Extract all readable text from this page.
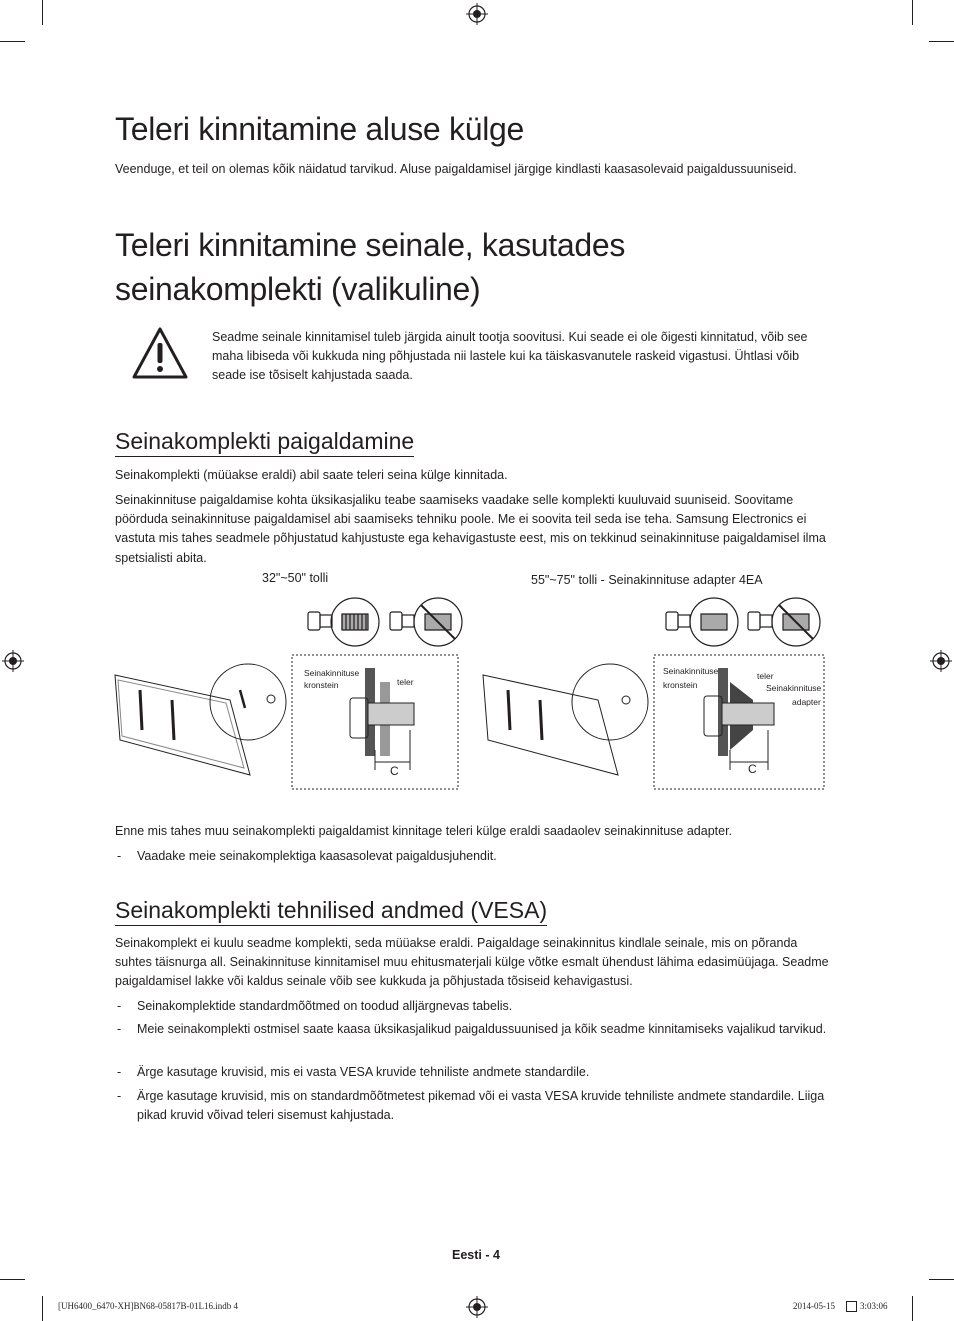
Teleri kinnitamine aluse külge

Veenduge, et teil on olemas kõik näidatud tarvikud. Aluse paigaldamisel järgige kindlasti kaasasolevaid paigaldussuuniseid.

Teleri kinnitamine seinale, kasutades
seinakomplekti (valikuline)

Seadme seinale kinnitamisel tuleb järgida ainult tootja soovitusi. Kui seade ei ole õigesti kinnitatud, võib see maha libiseda või kukkuda ning põhjustada nii lastele kui ka täiskasvanutele raskeid vigastusi. Ühtlasi võib seade ise tõsiselt kahjustada saada.

Seinakomplekti paigaldamine

Seinakomplekti (müüakse eraldi) abil saate teleri seina külge kinnitada.

Seinakinnituse paigaldamise kohta üksikasjaliku teabe saamiseks vaadake selle komplekti kuuluvaid suuniseid. Soovitame pöörduda seinakinnituse paigaldamisel abi saamiseks tehniku poole. Me ei soovita teil seda ise teha. Samsung Electronics ei vastuta mis tahes seadmele põhjustatud kahjustuste ega kehavigastuste eest, mis on tekkinud seinakinnituse paigaldamisel ilma spetsialisti abita.

32"~50" tolli
Seinakinnituse
kronstein	teler
C
55"~75" tolli - Seinakinnituse adapter 4EA
Seinakinnituse
kronstein
teler
Seinakinnituse
adapter
C

Enne mis tahes muu seinakomplekti paigaldamist kinnitage teleri külge eraldi saadaolev seinakinnituse adapter.

- Vaadake meie seinakomplektiga kaasasolevat paigaldusjuhendit.
Seinakomplekti tehnilised andmed (VESA)

Seinakomplekt ei kuulu seadme komplekti, seda müüakse eraldi. Paigaldage seinakinnitus kindlale seinale, mis on põranda suhtes täisnurga all. Seinakinnituse kinnitamisel muu ehitusmaterjali külge võtke esmalt ühendust lähima edasimüüjaga. Seadme paigaldamisel lakke või kaldus seinale võib see kukkuda ja põhjustada tõsiseid kehavigastusi.

- Seinakomplektide standardmõõtmed on toodud alljärgnevas tabelis.
- Meie seinakomplekti ostmisel saate kaasa üksikasjalikud paigaldussuunised ja kõik seadme kinnitamiseks vajalikud tarvikud.
- Ärge kasutage kruvisid, mis ei vasta VESA kruvide tehniliste andmete standardile.
- Ärge kasutage kruvisid, mis on standardmõõtmetest pikemad või ei vasta VESA kruvide tehniliste andmete standardile. Liiga pikad kruvid võivad teleri sisemust kahjustada.
Eesti - 4
[UH6400_6470-XH]BN68-05817B-01L16.indb 4	2014-05-15	3:03:06
